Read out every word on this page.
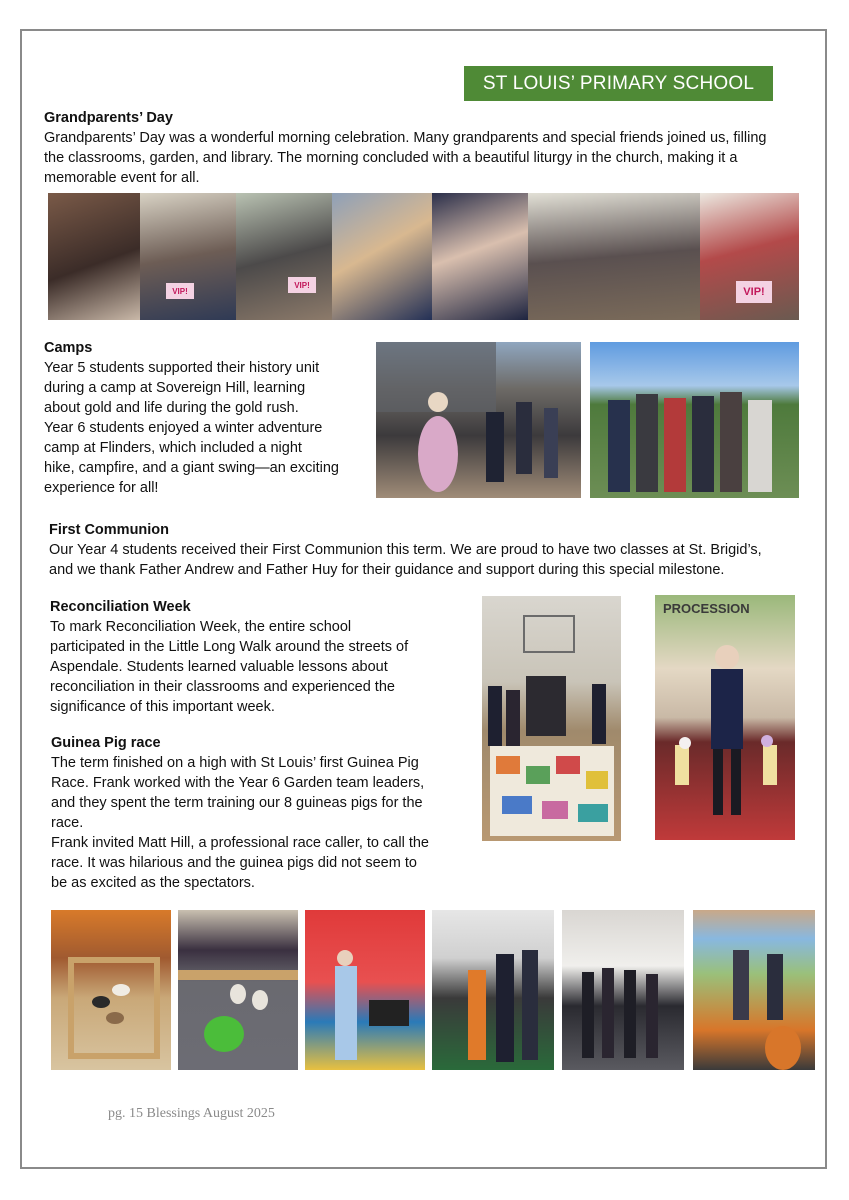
ST LOUIS’ PRIMARY SCHOOL
Grandparents’ Day
Grandparents’ Day was a wonderful morning celebration. Many grandparents and special friends joined us, filling
the classrooms, garden, and library. The morning concluded with a beautiful liturgy in the church, making it a
memorable event for all.
VIP!
VIP!
VIP!
Camps
Year 5 students supported their history unit
during a camp at Sovereign Hill, learning
about gold and life during the gold rush.
Year 6 students enjoyed a winter adventure
camp at Flinders, which included a night
hike, campfire, and a giant swing—an exciting
experience for all!
First Communion
Our Year 4 students received their First Communion this term. We are proud to have two classes at St. Brigid’s,
and we thank Father Andrew and Father Huy for their guidance and support during this special milestone.
Reconciliation Week
To mark Reconciliation Week, the entire school
participated in the Little Long Walk around the streets of
Aspendale. Students learned valuable lessons about
reconciliation in their classrooms and experienced the
significance of this important week.
PROCESSION
Guinea Pig race
The term finished on a high with St Louis’ first Guinea Pig
Race. Frank worked with the Year 6 Garden team leaders,
and they spent the term training our 8 guineas pigs for the
race.
Frank invited Matt Hill, a professional race caller, to call the
race. It was hilarious and the guinea pigs did not seem to
be as excited as the spectators.
pg. 15 Blessings August 2025
